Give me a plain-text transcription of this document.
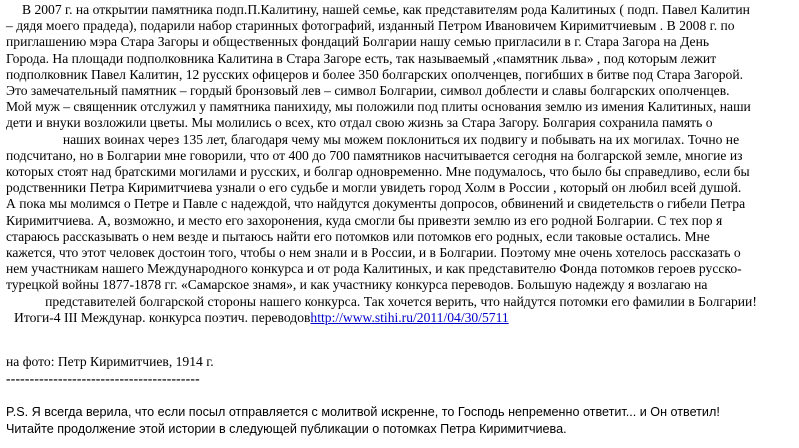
В 2007 г. на открытии памятника подп.П.Калитину, нашей семье, как представителям рода Калитиных ( подп. Павел Калитин
– дядя моего прадеда), подарили набор старинных фотографий, изданный Петром Ивановичем Киримитчиевым . В 2008 г. по
приглашению мэра Стара Загоры и общественных фондаций Болгарии нашу семью пригласили в г. Стара Загора на День
Города. На площади подполковника Калитина в Стара Загоре есть, так называемый ,«памятник льва» , под которым лежит
подполковник Павел Калитин, 12 русских офицеров и более 350 болгарских ополченцев, погибших в битве под Стара Загорой.
Это замечательный памятник – гордый бронзовый лев – символ Болгарии, символ доблести и славы болгарских ополченцев.
Мой муж – священник отслужил у памятника панихиду, мы положили под плиты основания землю из имения Калитиных, наши
дети и внуки возложили цветы. Мы молились о всех, кто отдал свою жизнь за Стара Загору. Болгария сохранила память о
наших воинах через 135 лет, благодаря чему мы можем поклониться их подвигу и побывать на их могилах. Точно не
подсчитано, но в Болгарии мне говорили, что от 400 до 700 памятников насчитывается сегодня на болгарской земле, многие из
которых стоят над братскими могилами и русских, и болгар одновременно. Мне подумалось, что было бы справедливо, если бы
родственники Петра Киримитчиева узнали о его судьбе и могли увидеть город Холм в России , который он любил всей душой.
А пока мы молимся о Петре и Павле с надеждой, что найдутся документы допросов, обвинений и свидетельств о гибели Петра
Киримитчиева. А, возможно, и место его захоронения, куда смогли бы привезти землю из его родной Болгарии. С тех пор я
стараюсь рассказывать о нем везде и пытаюсь найти его потомков или потомков его родных, если таковые остались. Мне
кажется, что этот человек достоин того, чтобы о нем знали и в России, и в Болгарии. Поэтому мне очень хотелось рассказать о
нем участникам нашего Международного конкурса и от рода Калитиных, и как представителю Фонда потомков героев русско-
турецкой войны 1877-1878 гг. «Самарское знамя», и как участнику конкурса переводов. Большую надежду я возлагаю на
представителей болгарской стороны нашего конкурса. Так хочется верить, что найдутся потомки его фамилии в Болгарии!
Итоги-4 III Междунар. конкурса поэтич. переводовhttp://www.stihi.ru/2011/04/30/5711

на фото: Петр Киримитчиев, 1914 г.

-----------------------------------------

P.S. Я всегда верила, что если посыл отправляется с молитвой искренне, то Господь непременно ответит... и Он ответил!
Читайте продолжение этой истории в следующей публикации о потомках Петра Киримитчиева.
